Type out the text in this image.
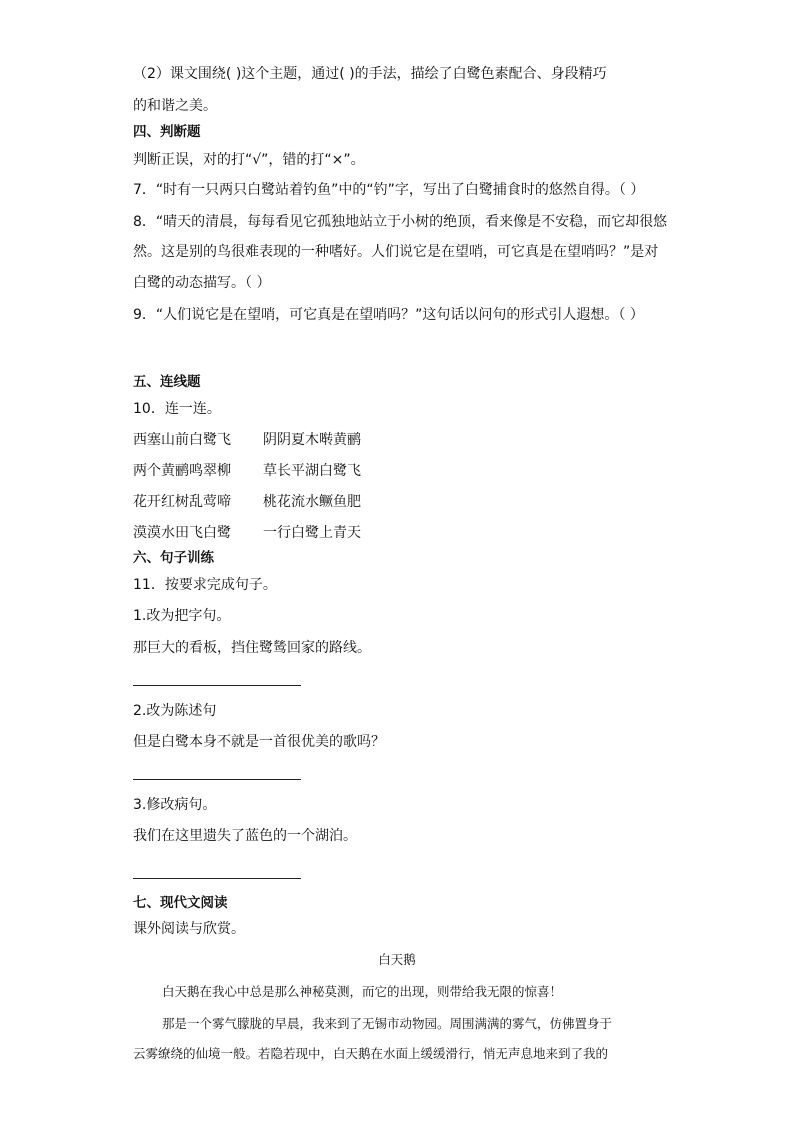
（2）课文围绕( )这个主题，通过( )的手法，描绘了白鹭色素配合、身段精巧
的和谐之美。
四、判断题
判断正误，对的打“√”，错的打“×”。
7．“时有一只两只白鹭站着钓鱼”中的“钓”字，写出了白鹭捕食时的悠然自得。（ ）
8．“晴天的清晨，每每看见它孤独地站立于小树的绝顶，看来像是不安稳，而它却很悠
然。这是别的鸟很难表现的一种嗜好。人们说它是在望哨，可它真是在望哨吗？”是对
白鹭的动态描写。（ ）
9．“人们说它是在望哨，可它真是在望哨吗？”这句话以问句的形式引人遐想。（ ）
五、连线题
10．连一连。
西塞山前白鹭飞
两个黄鹂鸣翠柳
花开红树乱莺啼
漠漠水田飞白鹭
阴阴夏木啭黄鹂
草长平湖白鹭飞
桃花流水鳜鱼肥
一行白鹭上青天
六、句子训练
11．按要求完成句子。
1.改为把字句。
那巨大的看板，挡住鹭鸶回家的路线。
2.改为陈述句
但是白鹭本身不就是一首很优美的歌吗？
3.修改病句。
我们在这里遗失了蓝色的一个湖泊。
七、现代文阅读
课外阅读与欣赏。
白天鹅
白天鹅在我心中总是那么神秘莫测，而它的出现，则带给我无限的惊喜！
那是一个雾气朦胧的早晨，我来到了无锡市动物园。周围满满的雾气，仿佛置身于
云雾缭绕的仙境一般。若隐若现中，白天鹅在水面上缓缓滑行，悄无声息地来到了我的
